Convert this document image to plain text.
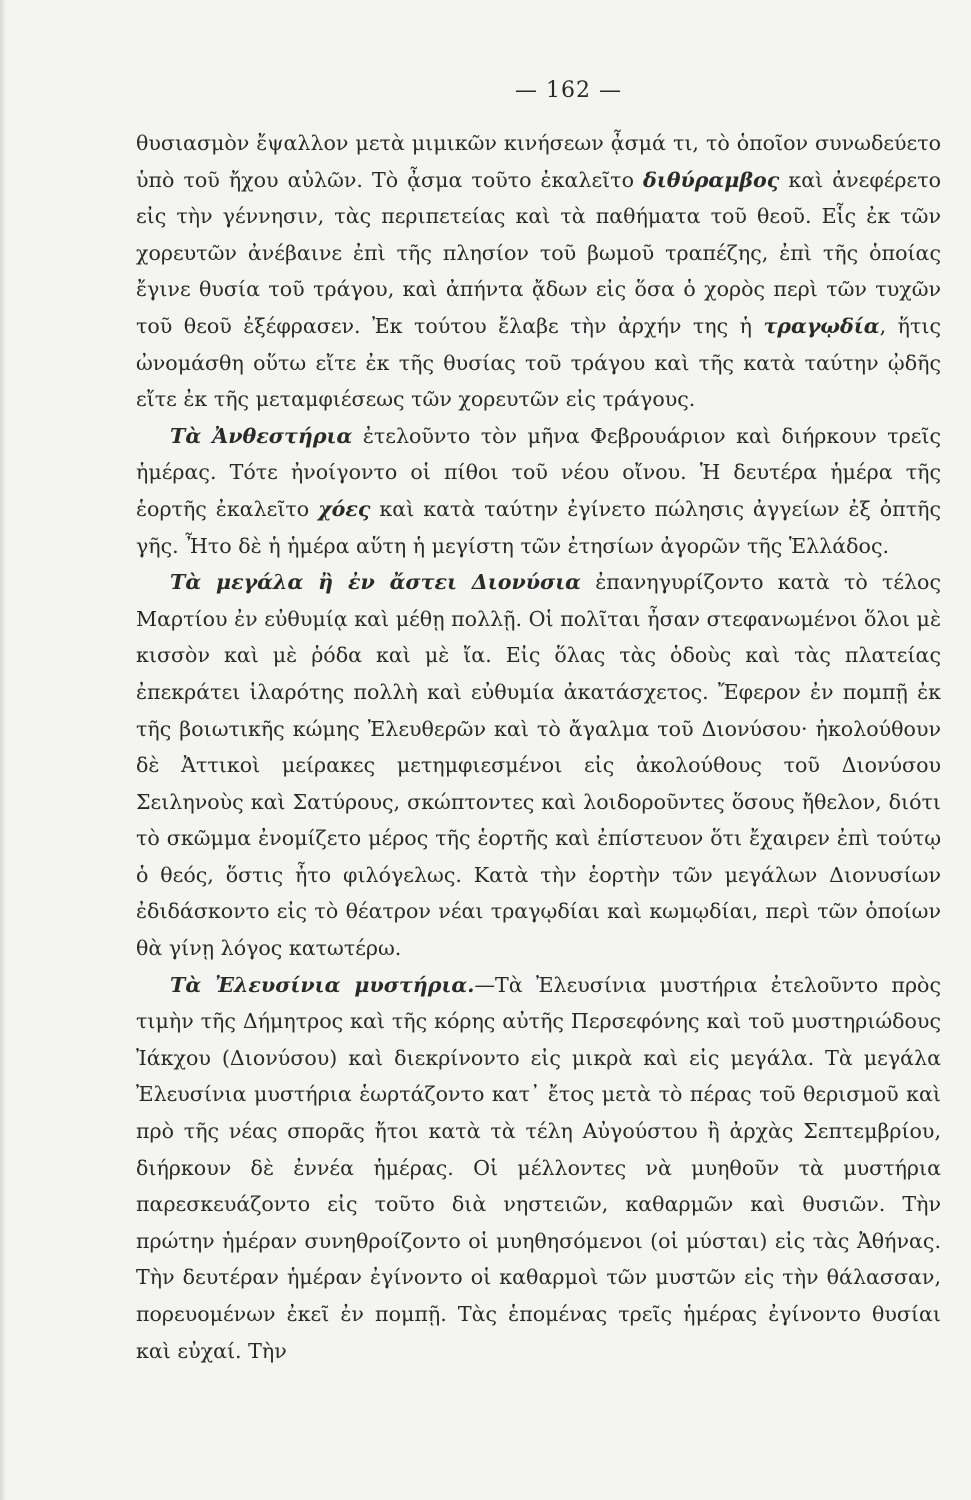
— 162 —

θυσιασμὸν ἔψαλλον μετὰ μιμικῶν κινήσεων ᾆσμά τι, τὸ ὁποῖον συνωδεύετο ὑπὸ τοῦ ἤχου αὐλῶν. Τὸ ᾆσμα τοῦτο ἐκαλεῖτο διθύραμβος καὶ ἀνεφέρετο εἰς τὴν γέννησιν, τὰς περιπετείας καὶ τὰ παθήματα τοῦ θεοῦ. Εἷς ἐκ τῶν χορευτῶν ἀνέβαινε ἐπὶ τῆς πλησίον τοῦ βωμοῦ τραπέζης, ἐπὶ τῆς ὁποίας ἔγινε θυσία τοῦ τράγου, καὶ ἀπήντα ᾄδων εἰς ὅσα ὁ χορὸς περὶ τῶν τυχῶν τοῦ θεοῦ ἐξέφρασεν. Ἐκ τούτου ἔλαβε τὴν ἀρχήν της ἡ τραγῳδία, ἥτις ὠνομάσθη οὕτω εἴτε ἐκ τῆς θυσίας τοῦ τράγου καὶ τῆς κατὰ ταύτην ᾠδῆς εἴτε ἐκ τῆς μεταμφιέσεως τῶν χορευτῶν εἰς τράγους.

Τὰ Ἀνθεστήρια ἐτελοῦντο τὸν μῆνα Φεβρουάριον καὶ διήρκουν τρεῖς ἡμέρας. Τότε ἠνοίγοντο οἱ πίθοι τοῦ νέου οἴνου. Ἡ δευτέρα ἡμέρα τῆς ἑορτῆς ἐκαλεῖτο χόες καὶ κατὰ ταύτην ἐγίνετο πώλησις ἀγγείων ἐξ ὀπτῆς γῆς. Ἦτο δὲ ἡ ἡμέρα αὕτη ἡ μεγίστη τῶν ἐτησίων ἀγορῶν τῆς Ἑλλάδος.

Τὰ μεγάλα ἢ ἐν ἄστει Διονύσια ἐπανηγυρίζοντο κατὰ τὸ τέλος Μαρτίου ἐν εὐθυμίᾳ καὶ μέθῃ πολλῇ. Οἱ πολῖται ἦσαν στεφανωμένοι ὅλοι μὲ κισσὸν καὶ μὲ ῥόδα καὶ μὲ ἴα. Εἰς ὅλας τὰς ὁδοὺς καὶ τὰς πλατείας ἐπεκράτει ἱλαρότης πολλὴ καὶ εὐθυμία ἀκατάσχετος. Ἔφερον ἐν πομπῇ ἐκ τῆς βοιωτικῆς κώμης Ἐλευθερῶν καὶ τὸ ἄγαλμα τοῦ Διονύσου· ἠκολούθουν δὲ Ἀττικοὶ μείρακες μετημφιεσμένοι εἰς ἀκολούθους τοῦ Διονύσου Σειληνοὺς καὶ Σατύρους, σκώπτοντες καὶ λοιδοροῦντες ὅσους ἤθελον, διότι τὸ σκῶμμα ἐνομίζετο μέρος τῆς ἑορτῆς καὶ ἐπίστευον ὅτι ἔχαιρεν ἐπὶ τούτῳ ὁ θεός, ὅστις ἦτο φιλόγελως. Κατὰ τὴν ἑορτὴν τῶν μεγάλων Διονυσίων ἐδιδάσκοντο εἰς τὸ θέατρον νέαι τραγῳδίαι καὶ κωμῳδίαι, περὶ τῶν ὁποίων θὰ γίνῃ λόγος κατωτέρω.

Τὰ Ἐλευσίνια μυστήρια.—Τὰ Ἐλευσίνια μυστήρια ἐτελοῦντο πρὸς τιμὴν τῆς Δήμητρος καὶ τῆς κόρης αὐτῆς Περσεφόνης καὶ τοῦ μυστηριώδους Ἰάκχου (Διονύσου) καὶ διεκρίνοντο εἰς μικρὰ καὶ εἰς μεγάλα. Τὰ μεγάλα Ἐλευσίνια μυστήρια ἑωρτάζοντο κατ᾽ ἔτος μετὰ τὸ πέρας τοῦ θερισμοῦ καὶ πρὸ τῆς νέας σπορᾶς ἤτοι κατὰ τὰ τέλη Αὐγούστου ἢ ἀρχὰς Σεπτεμβρίου, διήρκουν δὲ ἐννέα ἡμέρας. Οἱ μέλλοντες νὰ μυηθοῦν τὰ μυστήρια παρεσκευάζοντο εἰς τοῦτο διὰ νηστειῶν, καθαρμῶν καὶ θυσιῶν. Τὴν πρώτην ἡμέραν συνηθροίζοντο οἱ μυηθησόμενοι (οἱ μύσται) εἰς τὰς Ἀθήνας. Τὴν δευτέραν ἡμέραν ἐγίνοντο οἱ καθαρμοὶ τῶν μυστῶν εἰς τὴν θάλασσαν, πορευομένων ἐκεῖ ἐν πομπῇ. Τὰς ἑπομένας τρεῖς ἡμέρας ἐγίνοντο θυσίαι καὶ εὐχαί. Τὴν
